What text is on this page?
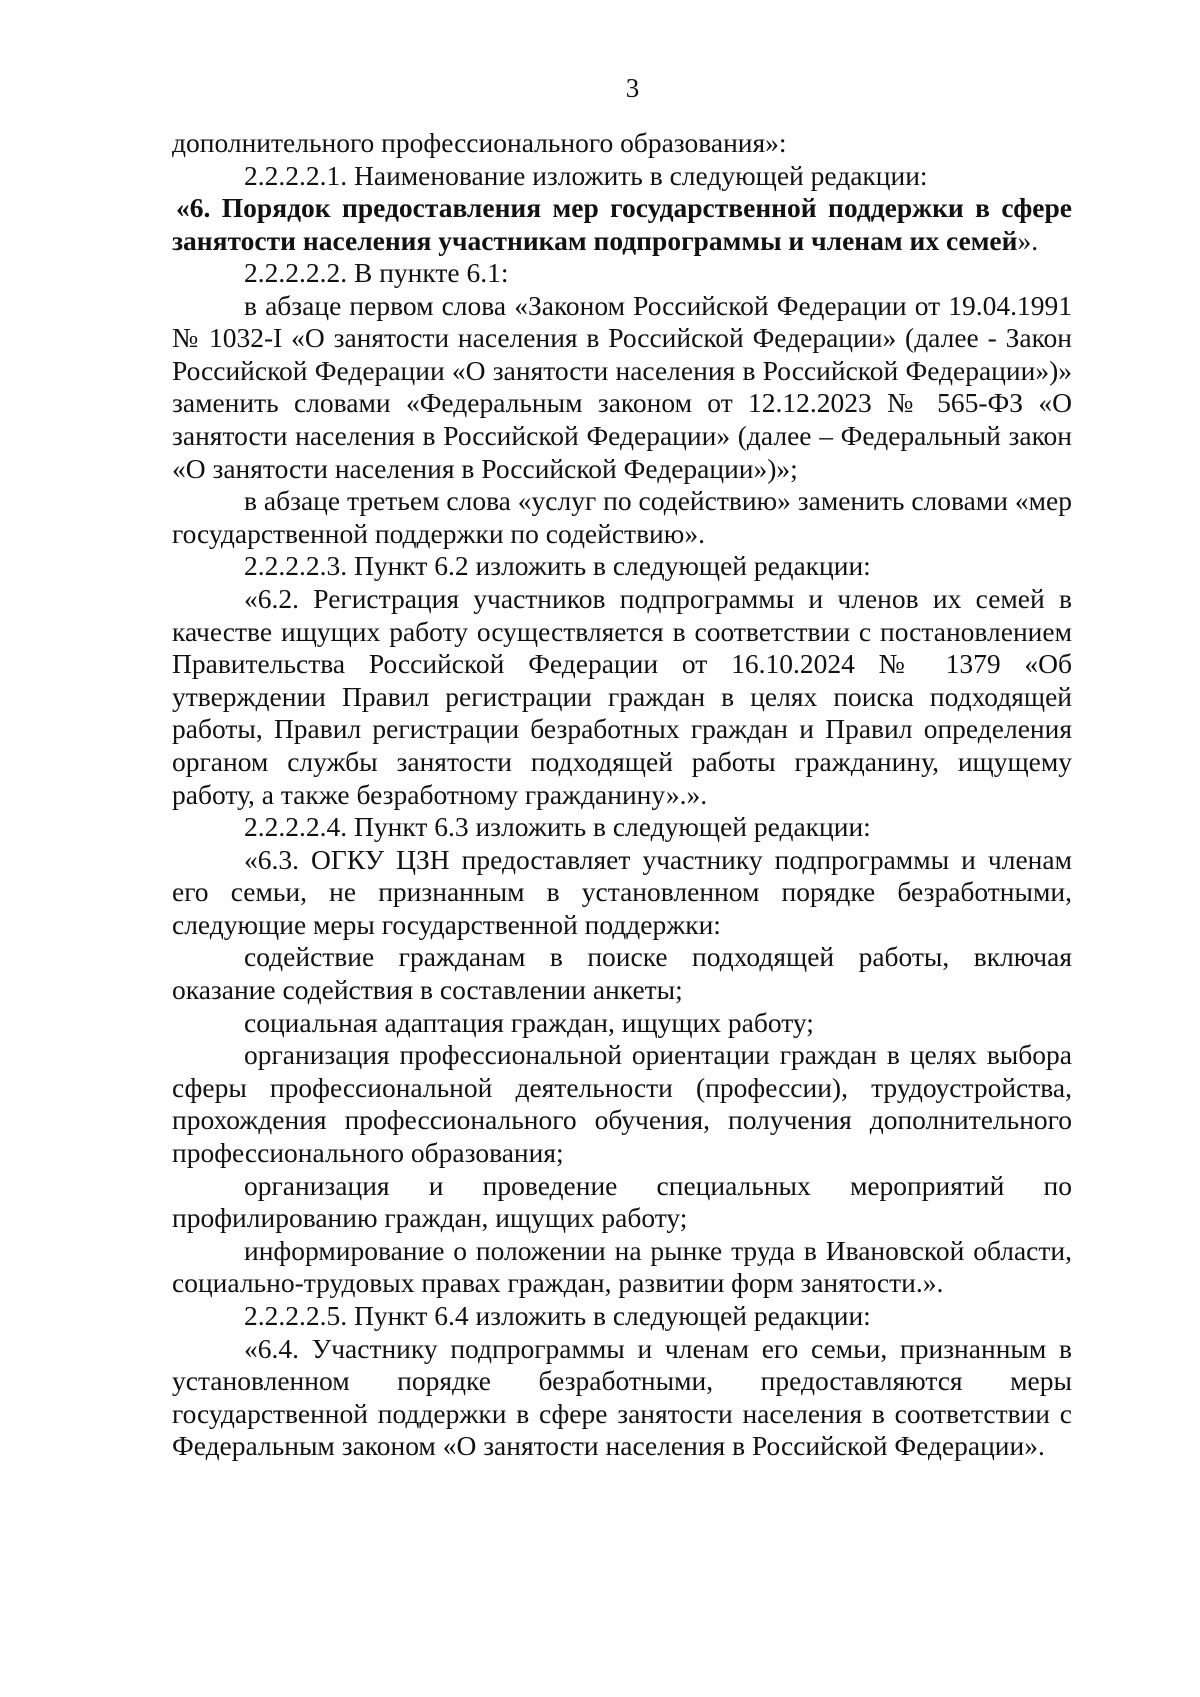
3

дополнительного профессионального образования»:

2.2.2.2.1. Наименование изложить в следующей редакции:

«6. Порядок предоставления мер государственной поддержки в сфере занятости населения участникам подпрограммы и членам их семей».

2.2.2.2.2. В пункте 6.1:

в абзаце первом слова «Законом Российской Федерации от 19.04.1991 № 1032-I «О занятости населения в Российской Федерации» (далее - Закон Российской Федерации «О занятости населения в Российской Федерации»)» заменить словами «Федеральным законом от 12.12.2023 № 565-ФЗ «О занятости населения в Российской Федерации» (далее – Федеральный закон «О занятости населения в Российской Федерации»)»;

в абзаце третьем слова «услуг по содействию» заменить словами «мер государственной поддержки по содействию».

2.2.2.2.3. Пункт 6.2 изложить в следующей редакции:

«6.2. Регистрация участников подпрограммы и членов их семей в качестве ищущих работу осуществляется в соответствии с постановлением Правительства Российской Федерации от 16.10.2024 № 1379 «Об утверждении Правил регистрации граждан в целях поиска подходящей работы, Правил регистрации безработных граждан и Правил определения органом службы занятости подходящей работы гражданину, ищущему работу, а также безработному гражданину».».

2.2.2.2.4. Пункт 6.3 изложить в следующей редакции:

«6.3. ОГКУ ЦЗН предоставляет участнику подпрограммы и членам его семьи, не признанным в установленном порядке безработными, следующие меры государственной поддержки:

содействие гражданам в поиске подходящей работы, включая оказание содействия в составлении анкеты;

социальная адаптация граждан, ищущих работу;

организация профессиональной ориентации граждан в целях выбора сферы профессиональной деятельности (профессии), трудоустройства, прохождения профессионального обучения, получения дополнительного профессионального образования;

организация и проведение специальных мероприятий по профилированию граждан, ищущих работу;

информирование о положении на рынке труда в Ивановской области, социально-трудовых правах граждан, развитии форм занятости.».

2.2.2.2.5. Пункт 6.4 изложить в следующей редакции:

«6.4. Участнику подпрограммы и членам его семьи, признанным в установленном порядке безработными, предоставляются меры государственной поддержки в сфере занятости населения в соответствии с Федеральным законом «О занятости населения в Российской Федерации».
